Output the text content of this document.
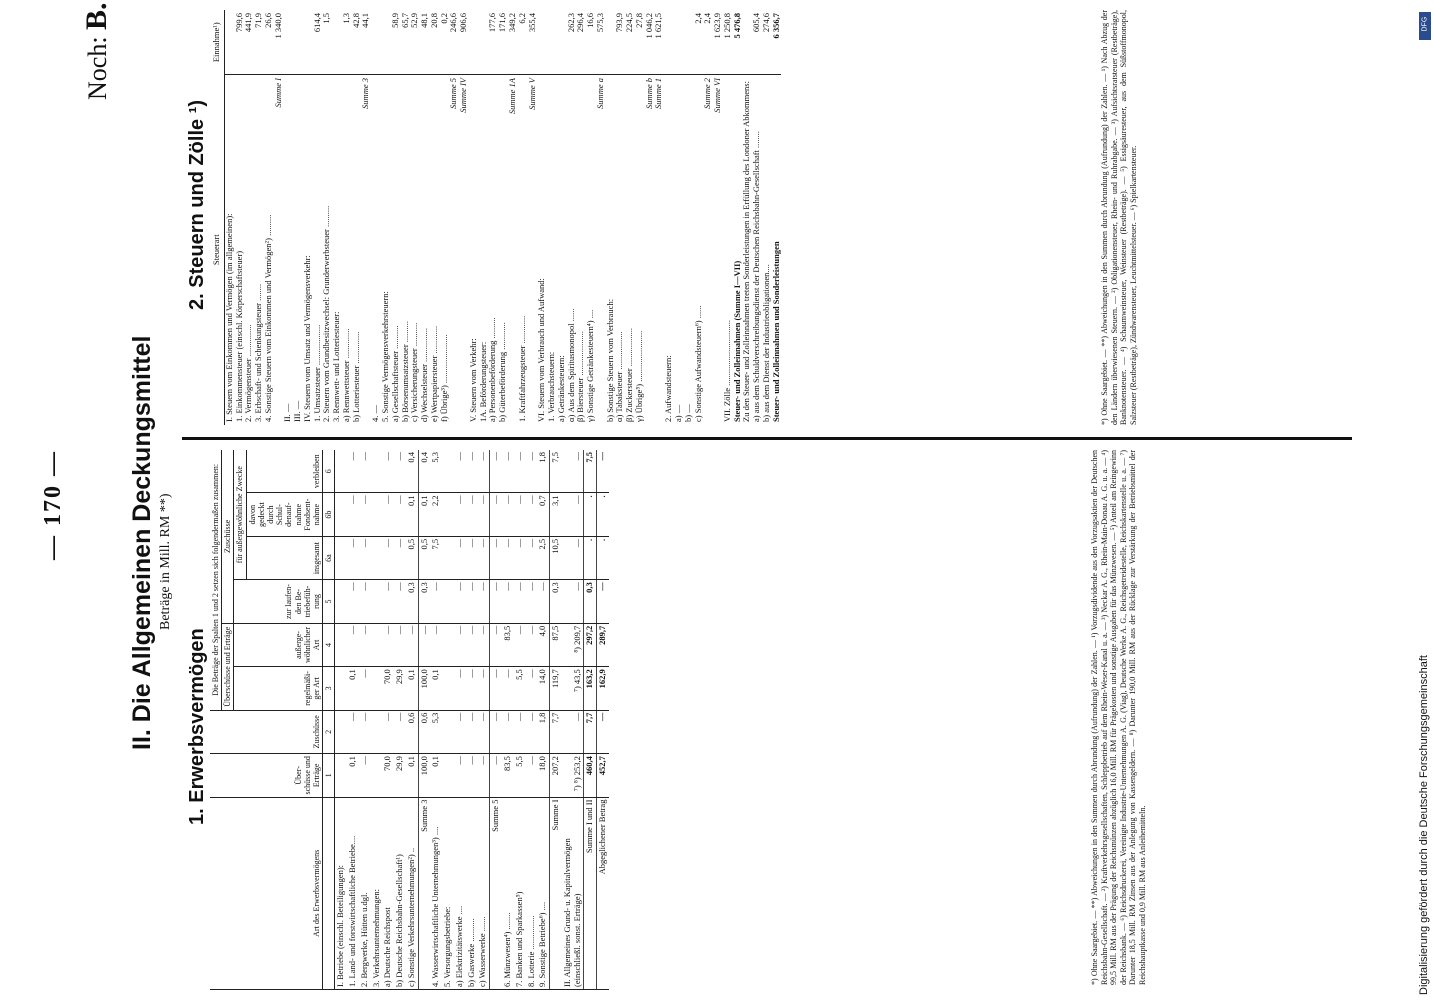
— 170 —
Noch: B.
II. Die Allgemeinen Deckungsmittel Beträge in Mill. RM **)
1. Erwerbsvermögen
2. Steuern und Zölle ¹)
Art des Erwerbsvermögens	Überschüsse und Erträge	Zuschüsse	Die Beträge der Spalten 1 und 2 setzen sich folgendermaßen zusammen:					
			Überschüsse und Erträge		Zuschüsse			
			regelmäßiger Art	außergewöhnlicher Art	zur laufenden Betriebeführung	für außergewöhnliche Zwecke		
						insgesamt	davon gedeckt durch Schuldenaufnahme Fondsentnahme	verbleiben
	1	2	3	4	5	6a	6b	6
I. Betriebe (einschl. Beteiligungen):								
1. Land- und forstwirtschaftliche Betriebe....	0,1	—	0,1	—	—	—	—	—
2. Bergwerke, Hütten u.dgl.	—	—	—	—	—	—	—	—
3. Verkehrsunternehmungen:								
a) Deutsche Reichspost	70,0	—	70,0	—	—	—	—	—
b) Deutsche Reichsbahn-Gesellschaft¹)	29,9	—	29,9	—	—	—	—	—
c) Sonstige Verkehrsunternehmungen²) ..	0,1	0,6	0,1	—	0,3	0,5	0,1	0,4
Summe 3	100,0	0,6	100,0	—	0,3	0,5	0,1	0,4
4. Wasserwirtschaftliche Unternehmungen³) ....	0,1	5,3	0,1	—	—	7,5	2,2	5,3
5. Versorgungsbetriebe:								
a) Elektrizitätswerke ....	—	—	—	—	—	—	—	—
b) Gaswerke ...........	—	—	—	—	—	—	—	—
c) Wasserwerke .......	—	—	—	—	—	—	—	—
Summe 5	—	—	—	—	—	—	—	—
6. Münzwesen⁴) ........	83,5	—	—	83,5	—	—	—	—
7. Banken und Sparkassen⁵)	5,5	—	5,5	—	—	—	—	—
8. Lotterie ................	—	—	—	—	—	—	—	—
9. Sonstige Betriebe⁶) ....	18,0	1,8	14,0	4,0	—	2,5	0,7	1,8
Summe I	207,2	7,7	119,7	87,5	0,3	10,5	3,1	7,5
II. Allgemeines Grund- u. Kapitalvermögen (einschließl. sonst. Erträge)	⁷) ⁸) 253,2	—	⁷) 43,5	⁸) 209,7	—	—	—	—
Summe I und II	460,4	7,7	163,2	297,2	0,3	.	.	7,5
Abgeglichener Betrag	452,7	—	162,9	289,7	—	.	.	—
Steuerart	Einnahme¹)
I. Steuern vom Einkommen und Vermögen (im allgemeinen):	
1. Einkommensteuer (einschl. Körperschaftsteuer)	799,6
2. Vermögensteuer ...............	441,9
3. Erbschaft- und Schenkungsteuer ........	71,9
4. Sonstige Steuern vom Einkommen und Vermögen²) ..........	26,6
Summe I	1 340,0
II. —	
III. —	
IV. Steuern vom Umsatz und Vermögensverkehr:	
1. Umsatzsteuer ...................	614,4
2. Steuern vom Grundbesitzwechsel: Grunderwerbsteuer ..........	1,5
3. Rennwett- und Lotteriesteuer:	
a) Rennwettsteuer ..............	1,3
b) Lotteriesteuer ...............	42,8
Summe 3	44,1
4. —	
5. Sonstige Vermögensverkehrsteuern:	
a) Gesellschaftsteuer ...........	58,9
b) Börsenumsatzsteuer ..........	65,7
c) Versicherungsteuer ...........	52,9
d) Wechselsteuer ................	48,1
e) Wertpapiersteuer .............	20,8
f) Übrige³) .......................	0,2
Summe 5	246,6
Summe IV	906,6
V. Steuern vom Verkehr:	
1A. Beförderungsteuer:	
a) Personenbeförderung ..........	177,6
b) Güterbeförderung .............	171,6
Summe 1A	349,2
1. Kraftfahrzeugsteuer .............	6,2
Summe V	355,4
VI. Steuern vom Verbrauch und Aufwand:	
1. Verbrauchsteuern:	
a) Getränkesteuern:	
α) Aus dem Spiritusmonopol ......	262,3
β) Biersteuer .....................	296,4
γ) Sonstige Getränkesteuern⁴) ....	16,6
Summe a	575,3
b) Sonstige Steuern vom Verbrauch:	
α) Tabaksteuer ..................	793,9
β) Zuckersteuer ..................	224,5
γ) Übrige⁵) ........................	27,8
Summe b	1 046,2
Summe 1	1 621,5
2. Aufwandsteuern:	
a) —	
b) —	
c) Sonstige Aufwandsteuern⁶) ......	2,4
Summe 2	2,4
Summe VI	1 623,9
VII. Zölle ...............................	1 250,8
Steuer- und Zolleinnahmen (Summe I—VII)	5 476,8
Zu den Steuer- und Zolleinnahmen treten Sonderleistungen in Erfüllung des Londoner Abkommens:	
a) aus dem Schuldverschreibungsdienst der Deutschen Reichsbahn-Gesellschaft ........	605,4
b) aus dem Dienst der Industrieobligationen....	274,6
Steuer- und Zolleinnahmen und Sonderleistungen	6 356,7
*) Ohne Saargebiet. — **) Abweichungen in den Summen durch Abrundung (Aufrundung) der Zahlen. — ¹) Vorzugsdividende aus den Vorzugsaktien der Deutschen Reichsbahn-Gesellschaft. — ²) Kraftverkehrsgesellschaften, Schleppbetrieb auf dem Rhein-Weser-Kanal u. a. — ³) Neckar A. G., Rhein-Main-Donau A. G. u. a. — ⁴) 99,5 Mill. RM aus der Prägung der Reichsmünzen abzüglich 16,0 Mill. RM für Prägekosten und sonstige Ausgaben für das Münzwesen. — ⁵) Anteil am Reingewinn der Reichsbank. — ⁶) Reichsdruckerei, Vereinigte Industrie-Unternehmungen A. G. (Viag), Deutsche Werke A. G., Reichsgetreidestelle, Reichskartenstelle u. a. — ⁷) Darunter 18,5 Mill. RM Zinsen aus der Anlegung von Kassengeldern. — ⁸) Darunter 190,0 Mill. RM aus der Rücklage zur Verstärkung der Betriebsmittel der Reichshauptkasse und 0,9 Mill. RM aus Anleihemitteln.
*) Ohne Saargebiet. — **) Abweichungen in den Summen durch Abrundung (Aufrundung) der Zahlen. — ¹) Nach Abzug der den Ländern überwiesenen Steuern. — ²) Obligationensteuer, Rhein- und Ruhrabgabe. — ³) Aufsichtsratsteuer (Restbeträge), Banknotensteuer. — ⁴) Schaumweinsteuer, Weinsteuer (Restbeträge). — ⁵) Essigsäuresteuer, aus dem Süßstoffmonopol, Salzsteuer (Restbeträge), Zündwarensteuer, Leuchtmittelsteuer. — ⁶) Spielkartensteuer.
Digitalisierung gefördert durch die Deutsche Forschungsgemeinschaft
DFG
